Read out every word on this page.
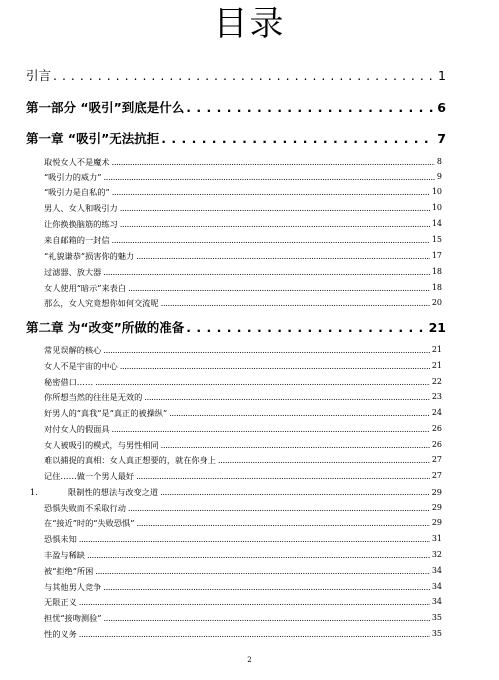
目录
引言 . . .	1
第一部分 “吸引”到底是什么 . . .	6
第一章 “吸引”无法抗拒 . . .	7
取悦女人不是魔术 .....	8
“吸引力的威力” .....	9
“吸引力是自私的” .....	10
男人、女人和吸引力 .....	10
让你换换脑筋的练习 .....	14
来自邮箱的一封信 .....	15
“礼貌谦恭”损害你的魅力 .....	17
过滤器、放大器 .....	18
女人使用“暗示”来表白 .....	18
那么，女人究竟想你如何交流呢 .....	20
第二章 为“改变”所做的准备 . . .	21
常见误解的核心 .....	21
女人不是宇宙的中心 .....	21
秘密借口…… .....	22
你所想当然的往往是无效的 .....	23
好男人的“真我”是“真正的被操纵” .....	24
对付女人的假面具 .....	26
女人被吸引的模式，与男性相同 .....	26
难以捕捉的真相：女人真正想要的，就在你身上 .....	27
记住……做一个男人最好 .....	27
1.	限制性的想法与改变之道 .....	29
恐惧失败而不采取行动 .....	29
在“接近”时的“失败恐惧” .....	29
恐惧未知 .....	31
丰盈与稀缺 .....	32
被“拒绝”所困 .....	34
与其他男人竞争 .....	34
无限正义 .....	34
担忧“接吻测验” .....	35
性的义务 .....	35
2
